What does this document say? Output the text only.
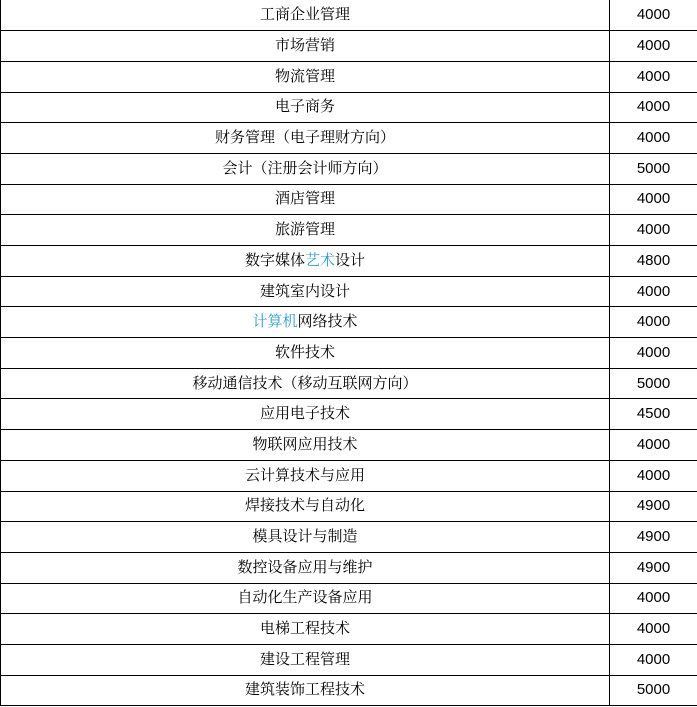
工商企业管理	4000
市场营销	4000
物流管理	4000
电子商务	4000
财务管理（电子理财方向）	4000
会计（注册会计师方向）	5000
酒店管理	4000
旅游管理	4000
数字媒体艺术设计	4800
建筑室内设计	4000
计算机网络技术	4000
软件技术	4000
移动通信技术（移动互联网方向）	5000
应用电子技术	4500
物联网应用技术	4000
云计算技术与应用	4000
焊接技术与自动化	4900
模具设计与制造	4900
数控设备应用与维护	4900
自动化生产设备应用	4000
电梯工程技术	4000
建设工程管理	4000
建筑装饰工程技术	5000
